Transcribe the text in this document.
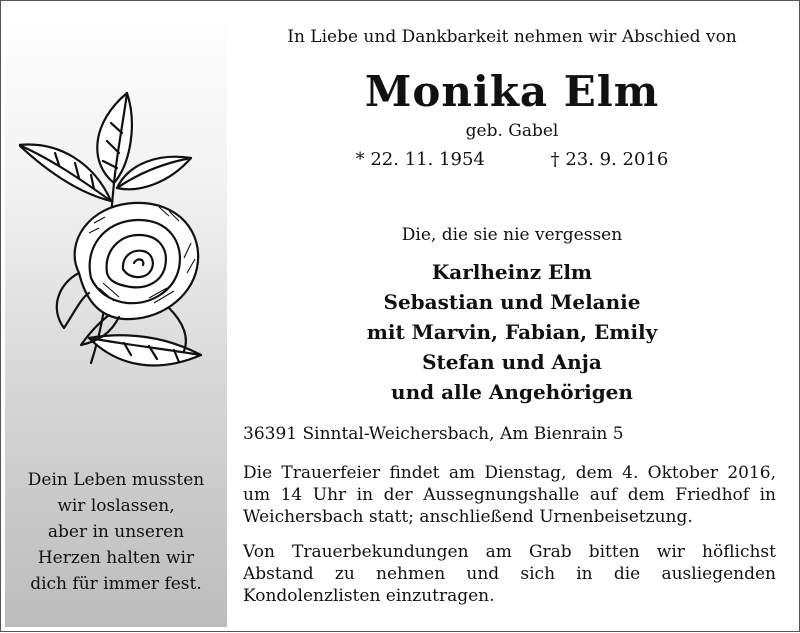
Dein Leben mussten
wir loslassen,
aber in unseren
Herzen halten wir
dich für immer fest.
In Liebe und Dankbarkeit nehmen wir Abschied von
Monika Elm
geb. Gabel
* 22. 11. 1954	† 23. 9. 2016
Die, die sie nie vergessen
Karlheinz Elm
Sebastian und Melanie
mit Marvin, Fabian, Emily
Stefan und Anja
und alle Angehörigen
36391 Sinntal-Weichersbach, Am Bienrain 5
Die Trauerfeier findet am Dienstag, dem 4. Oktober 2016, um 14 Uhr in der Aussegnungshalle auf dem Friedhof in Weichersbach statt; anschließend Urnenbeisetzung.
Von Trauerbekundungen am Grab bitten wir höflichst Abstand zu nehmen und sich in die ausliegenden Kondolenzlisten einzutragen.
